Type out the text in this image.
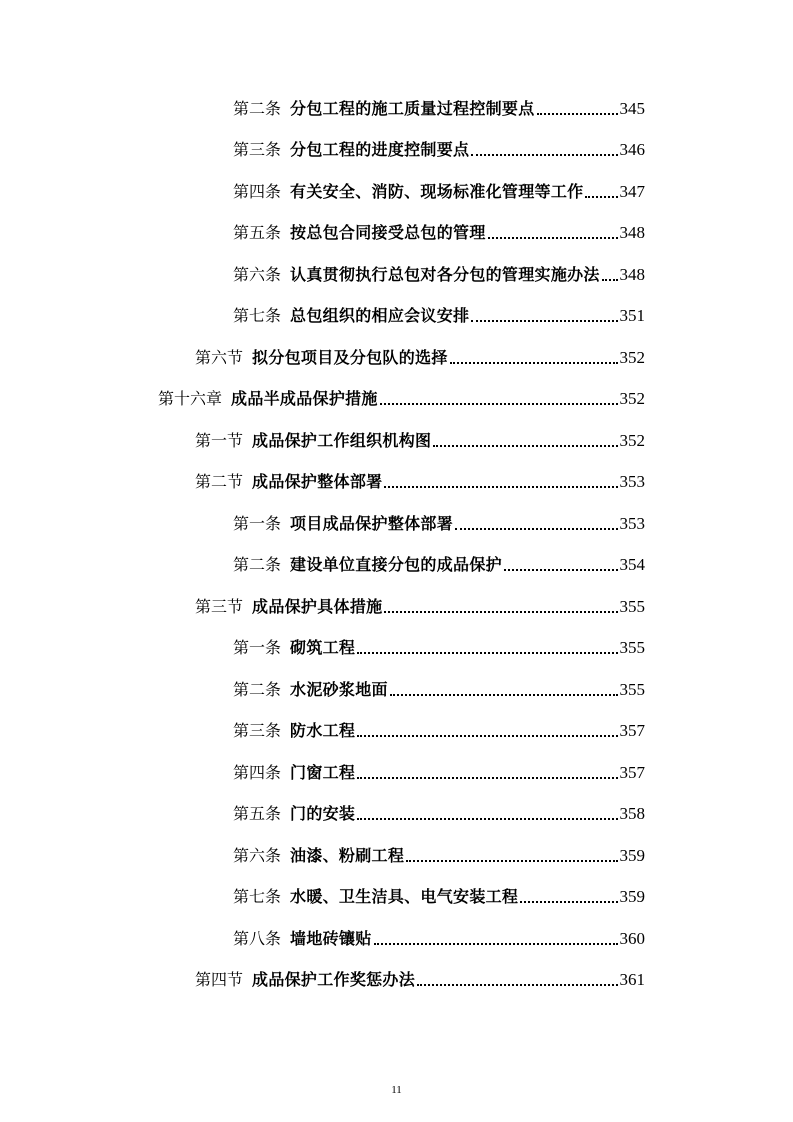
第二条 分包工程的施工质量过程控制要点	345
第三条 分包工程的进度控制要点	346
第四条 有关安全、消防、现场标准化管理等工作 347
第五条 按总包合同接受总包的管理	348
第六条 认真贯彻执行总包对各分包的管理实施办法 348
第七条 总包组织的相应会议安排	351
第六节 拟分包项目及分包队的选择	352
第十六章 成品半成品保护措施	352
第一节 成品保护工作组织机构图	352
第二节 成品保护整体部署	353
第一条 项目成品保护整体部署	353
第二条 建设单位直接分包的成品保护	354
第三节 成品保护具体措施	355
第一条 砌筑工程	355
第二条 水泥砂浆地面	355
第三条 防水工程	357
第四条 门窗工程	357
第五条 门的安装	358
第六条 油漆、粉刷工程	359
第七条 水暖、卫生洁具、电气安装工程	359
第八条 墙地砖镶贴	360
第四节 成品保护工作奖惩办法	361
11
